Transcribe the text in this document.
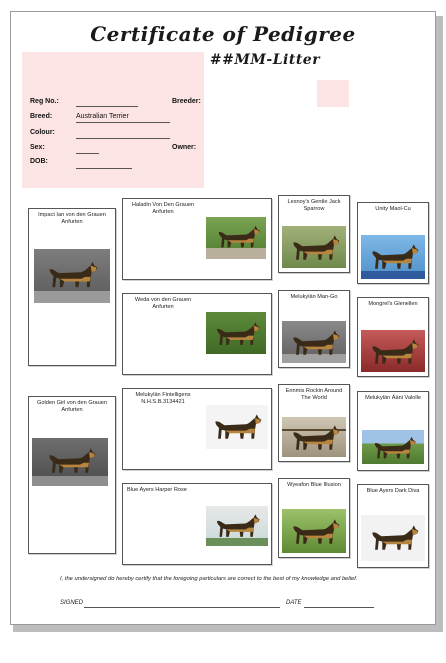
Certificate of Pedigree
##MM-Litter
Reg No.:	Breeder:
Breed:	Australian Terrier
Colour:
Sex:	Owner:
DOB:
Impact Ian von den Grauen Anfurten
Golden Girl von den Grauen Anfurten
Haladin Von Den Grauen Anfurten
Weda von den Grauen Anfurten
Melukylän Fintelligens N.H.S.B.3134421
Blue Ayers Harper Rose
Lesnoy's Gentle Jack Sparrow
Melukylän Man-Go
Ennmis Rockin Around The World
Wyeafon Blue Illusion
Unity Maol-Cu
Mongrel's Glenellen
Melukylän Ääni Valolle
Blue Ayers Dark Diva
I, the undersigned do hereby certify that the foregoing particulars are correct to the best of my knowledge and belief.
SIGNED	DATE
